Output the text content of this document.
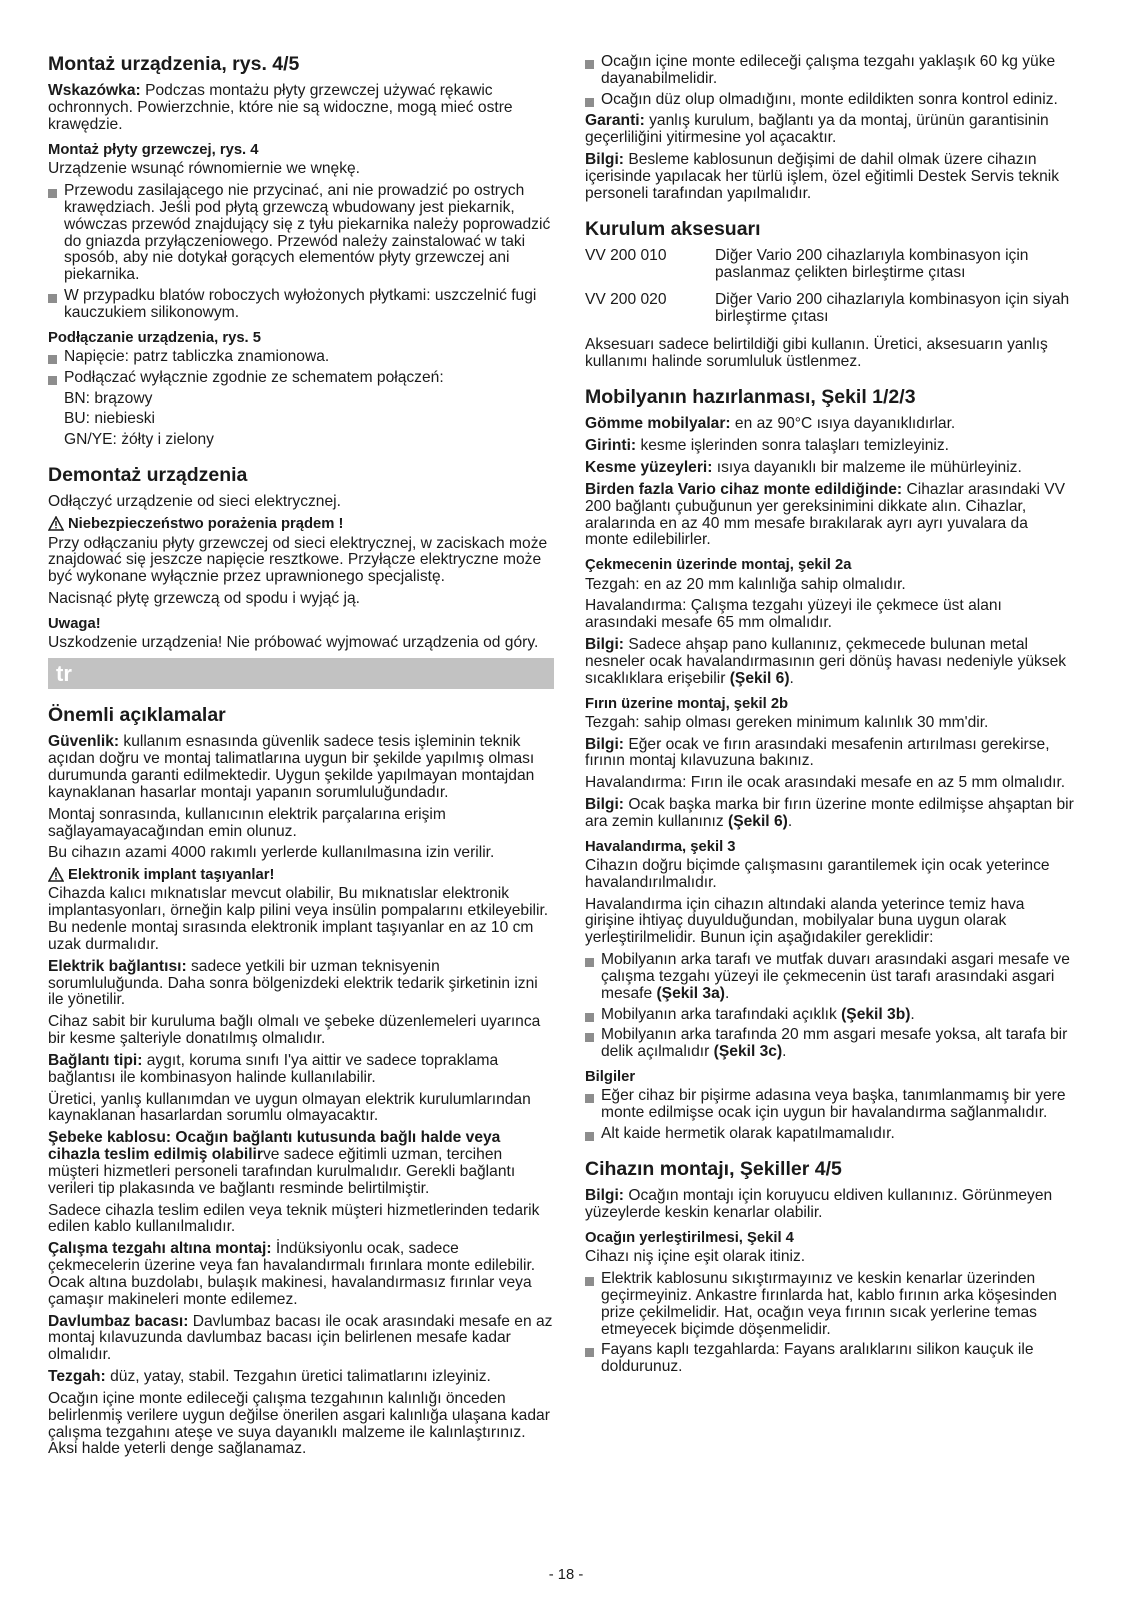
Montaż urządzenia, rys. 4/5

Wskazówka: Podczas montażu płyty grzewczej używać rękawic ochronnych. Powierzchnie, które nie są widoczne, mogą mieć ostre krawędzie.

Montaż płyty grzewczej, rys. 4

Urządzenie wsunąć równomiernie we wnękę.

Przewodu zasilającego nie przycinać, ani nie prowadzić po ostrych krawędziach. Jeśli pod płytą grzewczą wbudowany jest piekarnik, wówczas przewód znajdujący się z tyłu piekarnika należy poprowadzić do gniazda przyłączeniowego. Przewód należy zainstalować w taki sposób, aby nie dotykał gorących elementów płyty grzewczej ani piekarnika.
W przypadku blatów roboczych wyłożonych płytkami: uszczelnić fugi kauczukiem silikonowym.
Podłączanie urządzenia, rys. 5
Napięcie: patrz tabliczka znamionowa.
Podłączać wyłącznie zgodnie ze schematem połączeń:
BN: brązowy
BU: niebieski
GN/YE: żółty i zielony
Demontaż urządzenia

Odłączyć urządzenie od sieci elektrycznej.

Niebezpieczeństwo porażenia prądem !

Przy odłączaniu płyty grzewczej od sieci elektrycznej, w zaciskach może znajdować się jeszcze napięcie resztkowe. Przyłącze elektryczne może być wykonane wyłącznie przez uprawnionego specjalistę.

Nacisnąć płytę grzewczą od spodu i wyjąć ją.

Uwaga!

Uszkodzenie urządzenia! Nie próbować wyjmować urządzenia od góry.

tr
Önemli açıklamalar

Güvenlik: kullanım esnasında güvenlik sadece tesis işleminin teknik açıdan doğru ve montaj talimatlarına uygun bir şekilde yapılmış olması durumunda garanti edilmektedir. Uygun şekilde yapılmayan montajdan kaynaklanan hasarlar montajı yapanın sorumluluğundadır.

Montaj sonrasında, kullanıcının elektrik parçalarına erişim sağlayamayacağından emin olunuz.

Bu cihazın azami 4000 rakımlı yerlerde kullanılmasına izin verilir.

Elektronik implant taşıyanlar!

Cihazda kalıcı mıknatıslar mevcut olabilir, Bu mıknatıslar elektronik implantasyonları, örneğin kalp pilini veya insülin pompalarını etkileyebilir. Bu nedenle montaj sırasında elektronik implant taşıyanlar en az 10 cm uzak durmalıdır.

Elektrik bağlantısı: sadece yetkili bir uzman teknisyenin sorumluluğunda. Daha sonra bölgenizdeki elektrik tedarik şirketinin izni ile yönetilir.

Cihaz sabit bir kuruluma bağlı olmalı ve şebeke düzenlemeleri uyarınca bir kesme şalteriyle donatılmış olmalıdır.

Bağlantı tipi: aygıt, koruma sınıfı I'ya aittir ve sadece topraklama bağlantısı ile kombinasyon halinde kullanılabilir.

Üretici, yanlış kullanımdan ve uygun olmayan elektrik kurulumlarından kaynaklanan hasarlardan sorumlu olmayacaktır.

Şebeke kablosu: Ocağın bağlantı kutusunda bağlı halde veya cihazla teslim edilmiş olabilirve sadece eğitimli uzman, tercihen müşteri hizmetleri personeli tarafından kurulmalıdır. Gerekli bağlantı verileri tip plakasında ve bağlantı resminde belirtilmiştir.

Sadece cihazla teslim edilen veya teknik müşteri hizmetlerinden tedarik edilen kablo kullanılmalıdır.

Çalışma tezgahı altına montaj: İndüksiyonlu ocak, sadece çekmecelerin üzerine veya fan havalandırmalı fırınlara monte edilebilir. Ocak altına buzdolabı, bulaşık makinesi, havalandırmasız fırınlar veya çamaşır makineleri monte edilemez.

Davlumbaz bacası: Davlumbaz bacası ile ocak arasındaki mesafe en az montaj kılavuzunda davlumbaz bacası için belirlenen mesafe kadar olmalıdır.

Tezgah: düz, yatay, stabil. Tezgahın üretici talimatlarını izleyiniz.

Ocağın içine monte edileceği çalışma tezgahının kalınlığı önceden belirlenmiş verilere uygun değilse önerilen asgari kalınlığa ulaşana kadar çalışma tezgahını ateşe ve suya dayanıklı malzeme ile kalınlaştırınız. Aksi halde yeterli denge sağlanamaz.

Ocağın içine monte edileceği çalışma tezgahı yaklaşık 60 kg yüke dayanabilmelidir.
Ocağın düz olup olmadığını, monte edildikten sonra kontrol ediniz.

Garanti: yanlış kurulum, bağlantı ya da montaj, ürünün garantisinin geçerliliğini yitirmesine yol açacaktır.

Bilgi: Besleme kablosunun değişimi de dahil olmak üzere cihazın içerisinde yapılacak her türlü işlem, özel eğitimli Destek Servis teknik personeli tarafından yapılmalıdır.

Kurulum aksesuarı
VV 200 010	Diğer Vario 200 cihazlarıyla kombinasyon için paslanmaz çelikten birleştirme çıtası
VV 200 020	Diğer Vario 200 cihazlarıyla kombinasyon için siyah birleştirme çıtası

Aksesuarı sadece belirtildiği gibi kullanın. Üretici, aksesuarın yanlış kullanımı halinde sorumluluk üstlenmez.

Mobilyanın hazırlanması, Şekil 1/2/3

Gömme mobilyalar: en az 90°C ısıya dayanıklıdırlar.

Girinti: kesme işlerinden sonra talaşları temizleyiniz.

Kesme yüzeyleri: ısıya dayanıklı bir malzeme ile mühürleyiniz.

Birden fazla Vario cihaz monte edildiğinde: Cihazlar arasındaki VV 200 bağlantı çubuğunun yer gereksinimini dikkate alın. Cihazlar, aralarında en az 40 mm mesafe bırakılarak ayrı ayrı yuvalara da monte edilebilirler.

Çekmecenin üzerinde montaj, şekil 2a

Tezgah: en az 20 mm kalınlığa sahip olmalıdır.

Havalandırma: Çalışma tezgahı yüzeyi ile çekmece üst alanı arasındaki mesafe 65 mm olmalıdır.

Bilgi: Sadece ahşap pano kullanınız, çekmecede bulunan metal nesneler ocak havalandırmasının geri dönüş havası nedeniyle yüksek sıcaklıklara erişebilir (Şekil 6).

Fırın üzerine montaj, şekil 2b

Tezgah: sahip olması gereken minimum kalınlık 30 mm'dir.

Bilgi: Eğer ocak ve fırın arasındaki mesafenin artırılması gerekirse, fırının montaj kılavuzuna bakınız.

Havalandırma: Fırın ile ocak arasındaki mesafe en az 5 mm olmalıdır.

Bilgi: Ocak başka marka bir fırın üzerine monte edilmişse ahşaptan bir ara zemin kullanınız (Şekil 6).

Havalandırma, şekil 3

Cihazın doğru biçimde çalışmasını garantilemek için ocak yeterince havalandırılmalıdır.

Havalandırma için cihazın altındaki alanda yeterince temiz hava girişine ihtiyaç duyulduğundan, mobilyalar buna uygun olarak yerleştirilmelidir. Bunun için aşağıdakiler gereklidir:

Mobilyanın arka tarafı ve mutfak duvarı arasındaki asgari mesafe ve çalışma tezgahı yüzeyi ile çekmecenin üst tarafı arasındaki asgari mesafe (Şekil 3a).
Mobilyanın arka tarafındaki açıklık (Şekil 3b).
Mobilyanın arka tarafında 20 mm asgari mesafe yoksa, alt tarafa bir delik açılmalıdır (Şekil 3c).
Bilgiler
Eğer cihaz bir pişirme adasına veya başka, tanımlanmamış bir yere monte edilmişse ocak için uygun bir havalandırma sağlanmalıdır.
Alt kaide hermetik olarak kapatılmamalıdır.
Cihazın montajı, Şekiller 4/5

Bilgi: Ocağın montajı için koruyucu eldiven kullanınız. Görünmeyen yüzeylerde keskin kenarlar olabilir.

Ocağın yerleştirilmesi, Şekil 4

Cihazı niş içine eşit olarak itiniz.

Elektrik kablosunu sıkıştırmayınız ve keskin kenarlar üzerinden geçirmeyiniz. Ankastre fırınlarda hat, kablo fırının arka köşesinden prize çekilmelidir. Hat, ocağın veya fırının sıcak yerlerine temas etmeyecek biçimde döşenmelidir.
Fayans kaplı tezgahlarda: Fayans aralıklarını silikon kauçuk ile doldurunuz.
- 18 -
